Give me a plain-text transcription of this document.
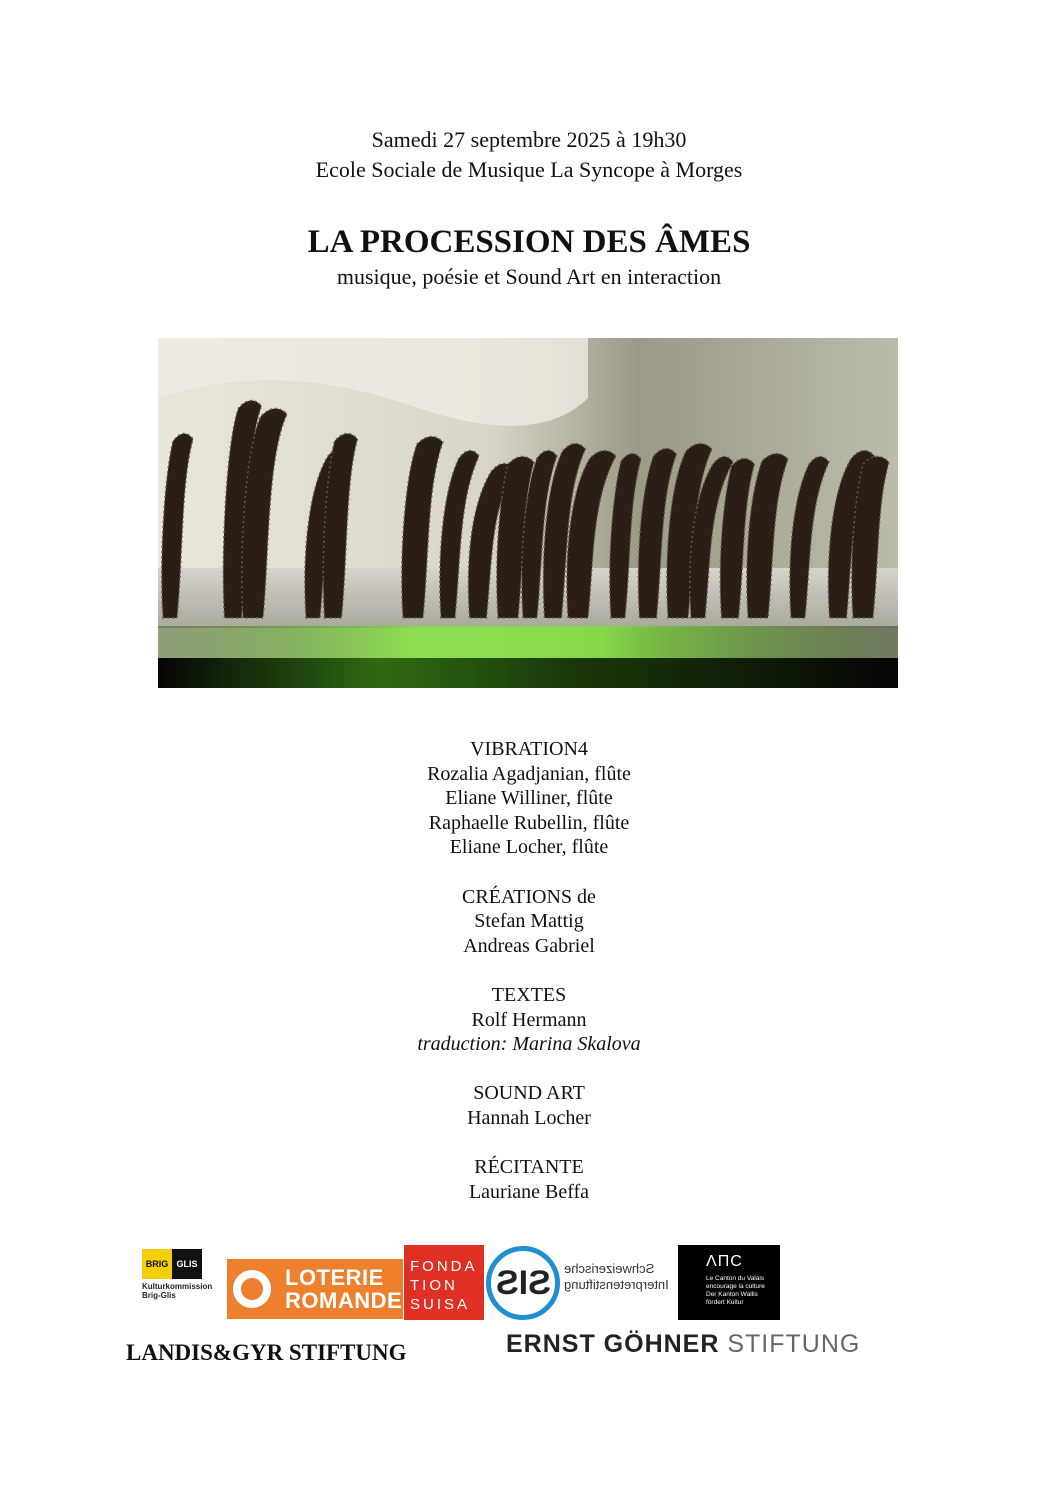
Samedi 27 septembre 2025 à 19h30
Ecole Sociale de Musique La Syncope à Morges
LA PROCESSION DES ÂMES
musique, poésie et Sound Art en interaction
VIBRATION4
Rozalia Agadjanian, flûte
Eliane Williner, flûte
Raphaelle Rubellin, flûte
Eliane Locher, flûte
CRÉATIONS de
Stefan Mattig
Andreas Gabriel
TEXTES
Rolf Hermann
traduction: Marina Skalova
SOUND ART
Hannah Locher
RÉCITANTE
Lauriane Beffa
BRIG GLIS
Kulturkommission
Brig-Glis
LOTERIE
ROMANDE
FONDA
TION
SUISA
SIS Schweizerische
Interpretenstiftung
ΛΠC
Le Canton du Valais
encourage la culture
Der Kanton Wallis
fördert Kultur
LANDIS&GYR STIFTUNG	ERNST GÖHNER STIFTUNG
